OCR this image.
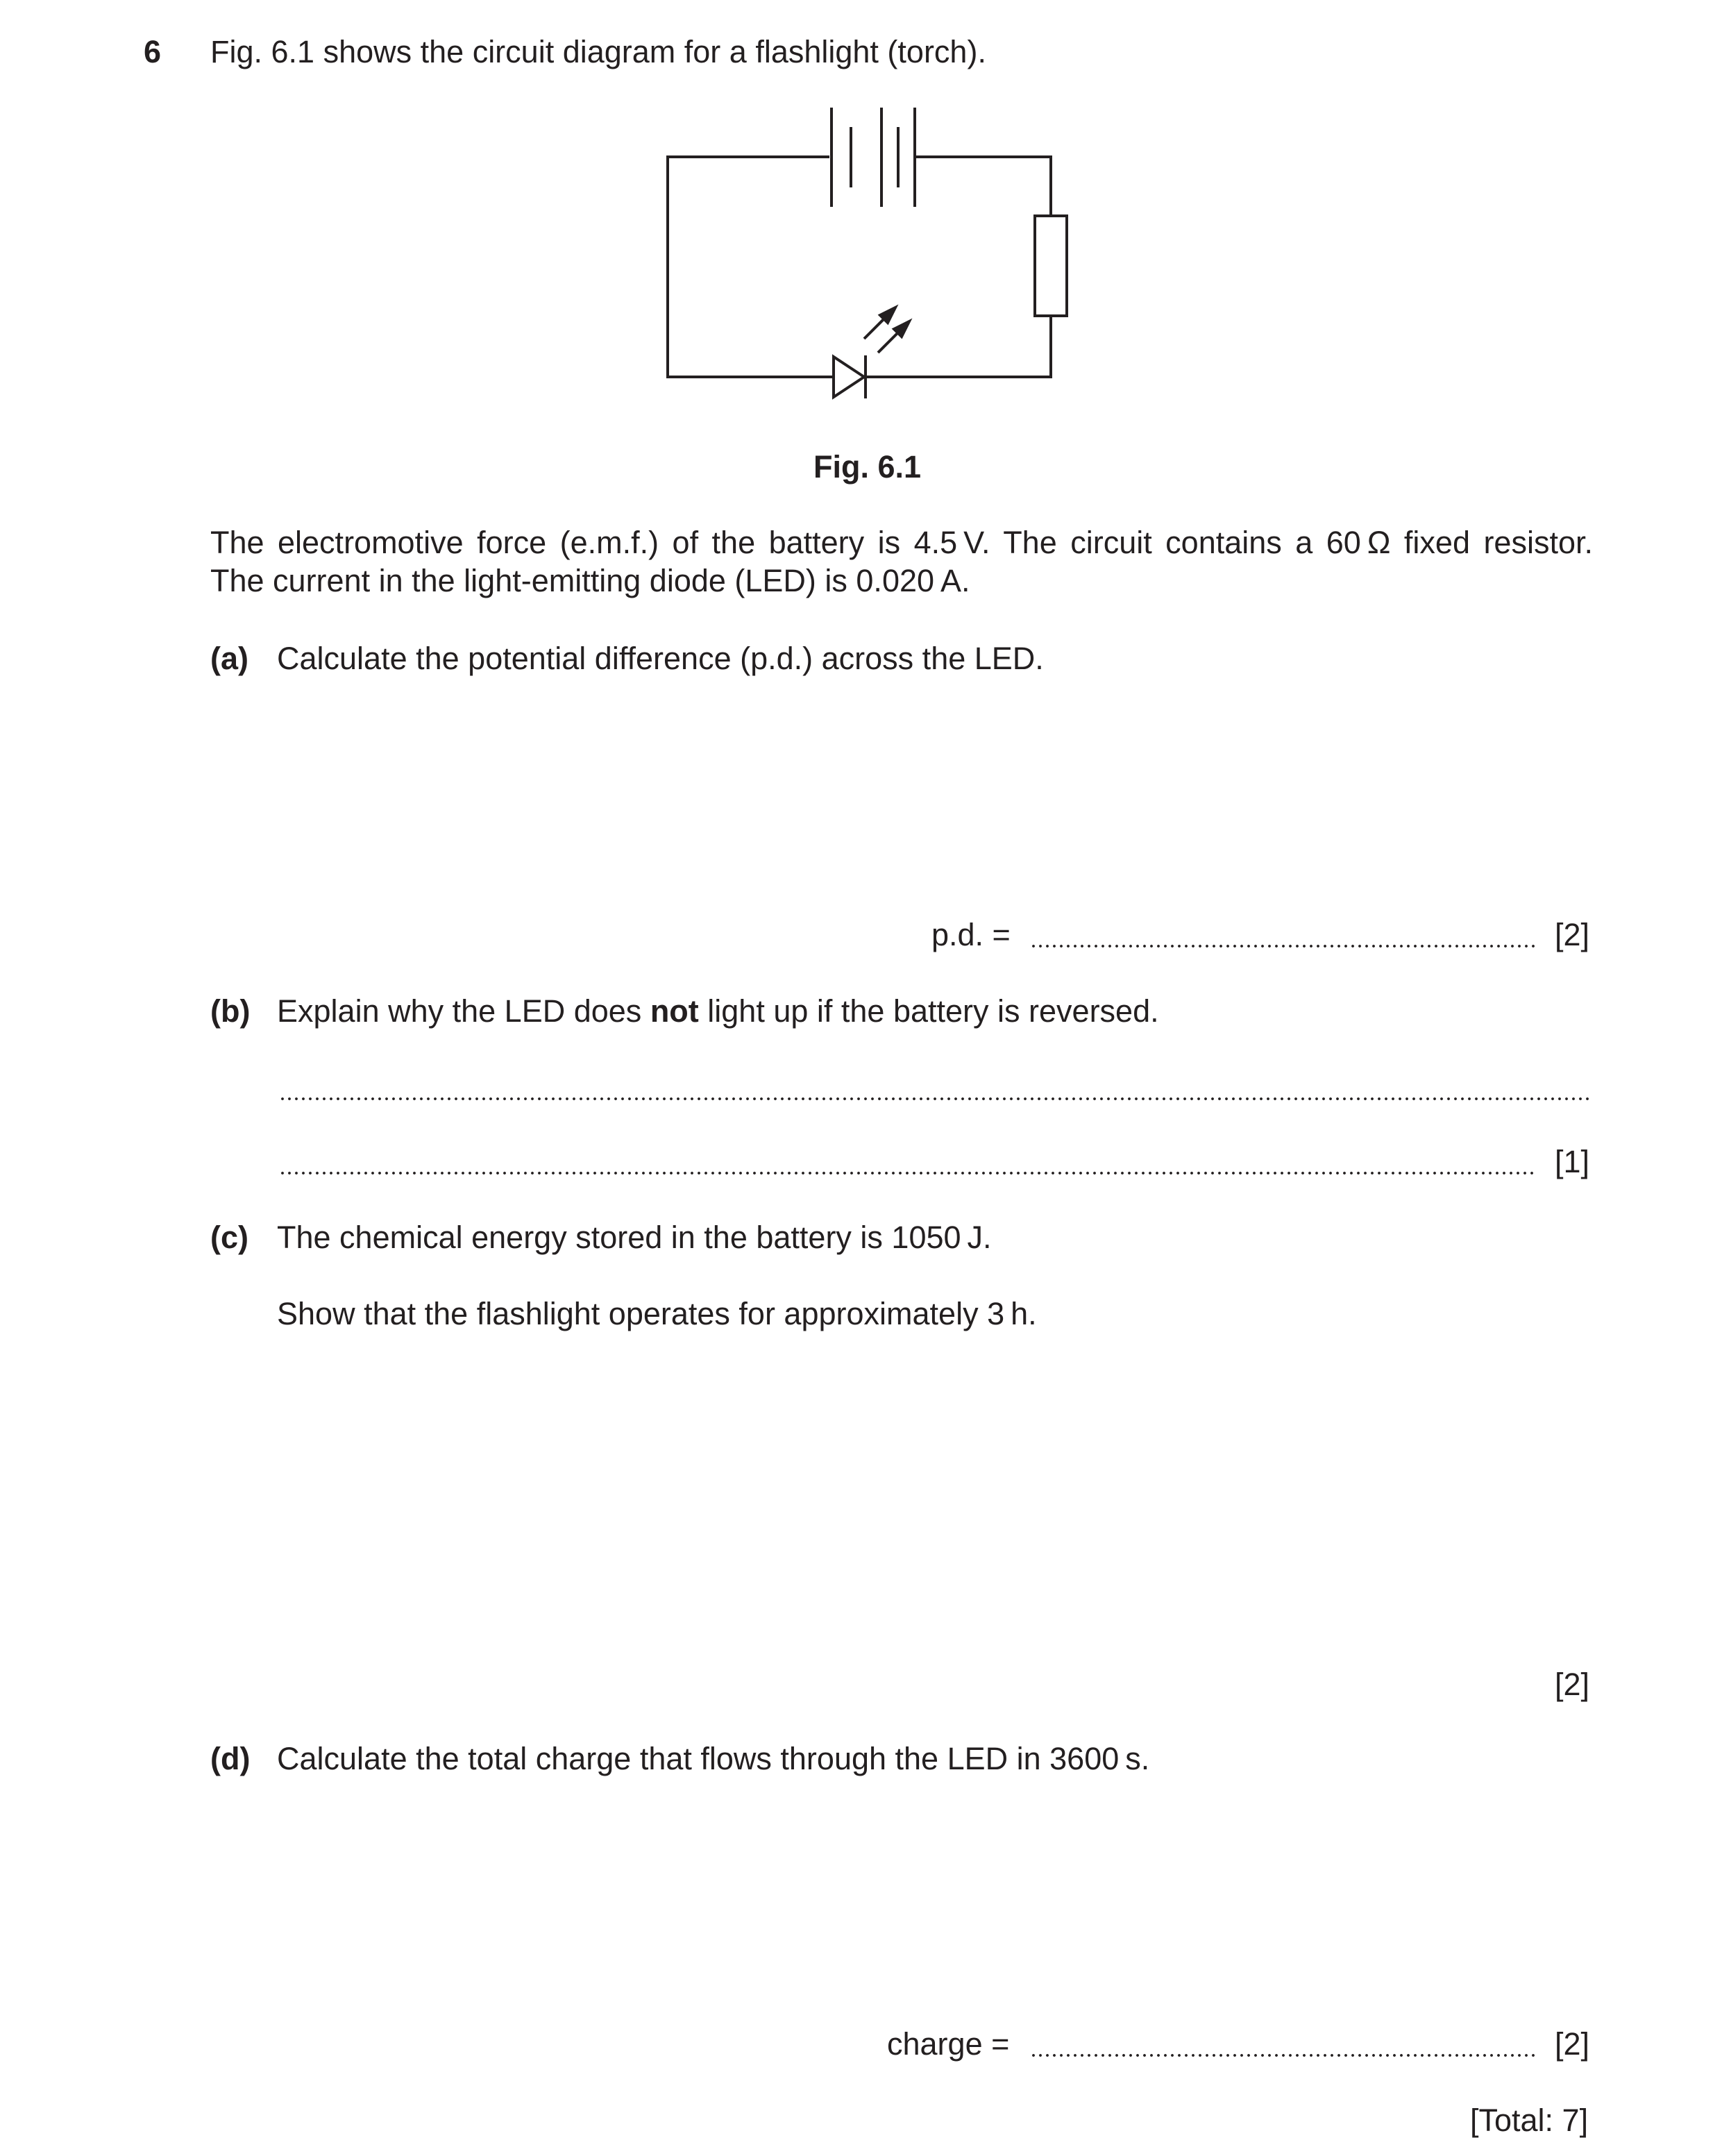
6 Fig. 6.1 shows the circuit diagram for a flashlight (torch).
Fig. 6.1
The electromotive force (e.m.f.) of the battery is 4.5 V. The circuit contains a 60 Ω fixed resistor.
The current in the light-emitting diode (LED) is 0.020 A.
(a) Calculate the potential difference (p.d.) across the LED.
p.d. =	[2]
(b) Explain why the LED does not light up if the battery is reversed.
[1]
(c) The chemical energy stored in the battery is 1050 J.
Show that the flashlight operates for approximately 3 h.
[2]
(d) Calculate the total charge that flows through the LED in 3600 s.
charge =	[2]
[Total: 7]
